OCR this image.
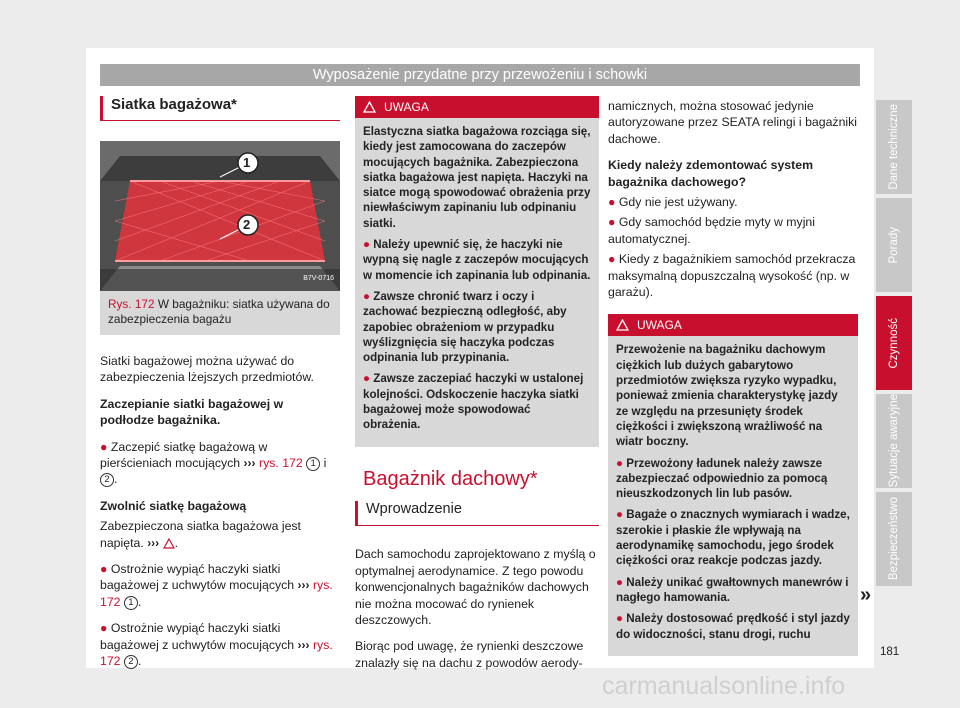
Wyposażenie przydatne przy przewożeniu i schowki
Siatka bagażowa*
1
2
B7V-0716
Rys. 172 W bagażniku: siatka używana do zabezpieczenia bagażu

Siatki bagażowej można używać do zabezpieczenia lżejszych przedmiotów.

Zaczepianie siatki bagażowej w podłodze bagażnika.

● Zaczepić siatkę bagażową w pierścieniach mocujących ››› rys. 172 1 i 2 .

Zwolnić siatkę bagażową

Zabezpieczona siatka bagażowa jest napięta. ››› .

● Ostrożnie wypiąć haczyki siatki bagażowej z uchwytów mocujących ››› rys. 172 1 .

● Ostrożnie wypiąć haczyki siatki bagażowej z uchwytów mocujących ››› rys. 172 2 .

UWAGA

Elastyczna siatka bagażowa rozciąga się, kiedy jest zamocowana do zaczepów mocujących bagażnika. Zabezpieczona siatka bagażowa jest napięta. Haczyki na siatce mogą spowodować obrażenia przy niewłaściwym zapinaniu lub odpinaniu siatki.

● Należy upewnić się, że haczyki nie wypną się nagle z zaczepów mocujących w momencie ich zapinania lub odpinania.

● Zawsze chronić twarz i oczy i zachować bezpieczną odległość, aby zapobiec obrażeniom w przypadku wyślizgnięcia się haczyka podczas odpinania lub przypinania.

● Zawsze zaczepiać haczyki w ustalonej kolejności. Odskoczenie haczyka siatki bagażowej może spowodować obrażenia.

Bagażnik dachowy*
Wprowadzenie

Dach samochodu zaprojektowano z myślą o optymalnej aerodynamice. Z tego powodu konwencjonalnych bagażników dachowych nie można mocować do rynienek deszczowych.

Biorąc pod uwagę, że rynienki deszczowe znalazły się na dachu z powodów aerody-

namicznych, można stosować jedynie autoryzowane przez SEATA relingi i bagażniki dachowe.

Kiedy należy zdemontować system bagażnika dachowego?

● Gdy nie jest używany.

● Gdy samochód będzie myty w myjni automatycznej.

● Kiedy z bagażnikiem samochód przekracza maksymalną dopuszczalną wysokość (np. w garażu).

UWAGA

Przewożenie na bagażniku dachowym ciężkich lub dużych gabarytowo przedmiotów zwiększa ryzyko wypadku, ponieważ zmienia charakterystykę jazdy ze względu na przesunięty środek ciężkości i zwiększoną wrażliwość na wiatr boczny.

● Przewożony ładunek należy zawsze zabezpieczać odpowiednio za pomocą nieuszkodzonych lin lub pasów.

● Bagaże o znacznych wymiarach i wadze, szerokie i płaskie źle wpływają na aerodynamikę samochodu, jego środek ciężkości oraz reakcje podczas jazdy.

● Należy unikać gwałtownych manewrów i nagłego hamowania.

● Należy dostosować prędkość i styl jazdy do widoczności, stanu drogi, ruchu

»
Dane techniczne
Porady
Czynność
Sytuacje awaryjne
Bezpieczeństwo
181
carmanualsonline.info
